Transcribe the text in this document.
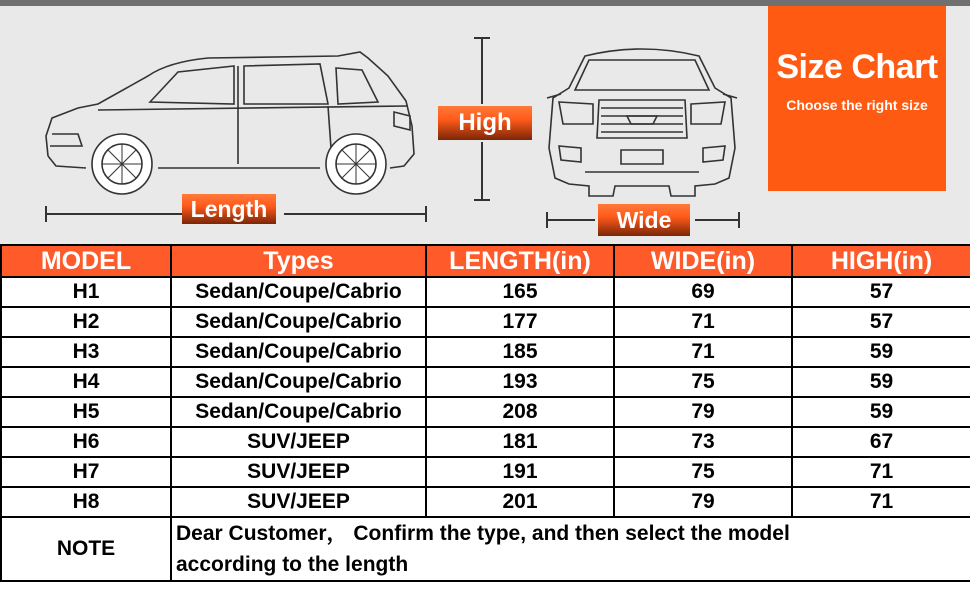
Length
High
Wide
Size Chart
Choose the right size
MODEL	Types	LENGTH(in)	WIDE(in)	HIGH(in)
H1	Sedan/Coupe/Cabrio	165	69	57
H2	Sedan/Coupe/Cabrio	177	71	57
H3	Sedan/Coupe/Cabrio	185	71	59
H4	Sedan/Coupe/Cabrio	193	75	59
H5	Sedan/Coupe/Cabrio	208	79	59
H6	SUV/JEEP	181	73	67
H7	SUV/JEEP	191	75	71
H8	SUV/JEEP	201	79	71
NOTE	Dear Customer， Confirm the type, and then select the model
according to the length			
